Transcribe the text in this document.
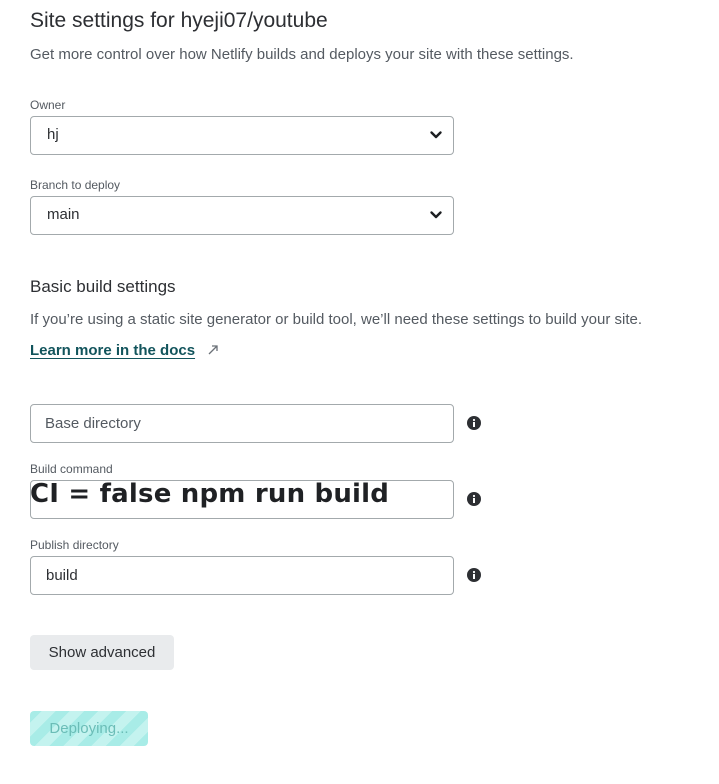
Site settings for hyeji07/youtube
Get more control over how Netlify builds and deploys your site with these settings.
Owner
hj
Branch to deploy
main
Basic build settings
If you’re using a static site generator or build tool, we’ll need these settings to build your site.
Learn more in the docs
Base directory
Build command
CI = false npm run build
Publish directory
build
Show advanced
Deploying...
